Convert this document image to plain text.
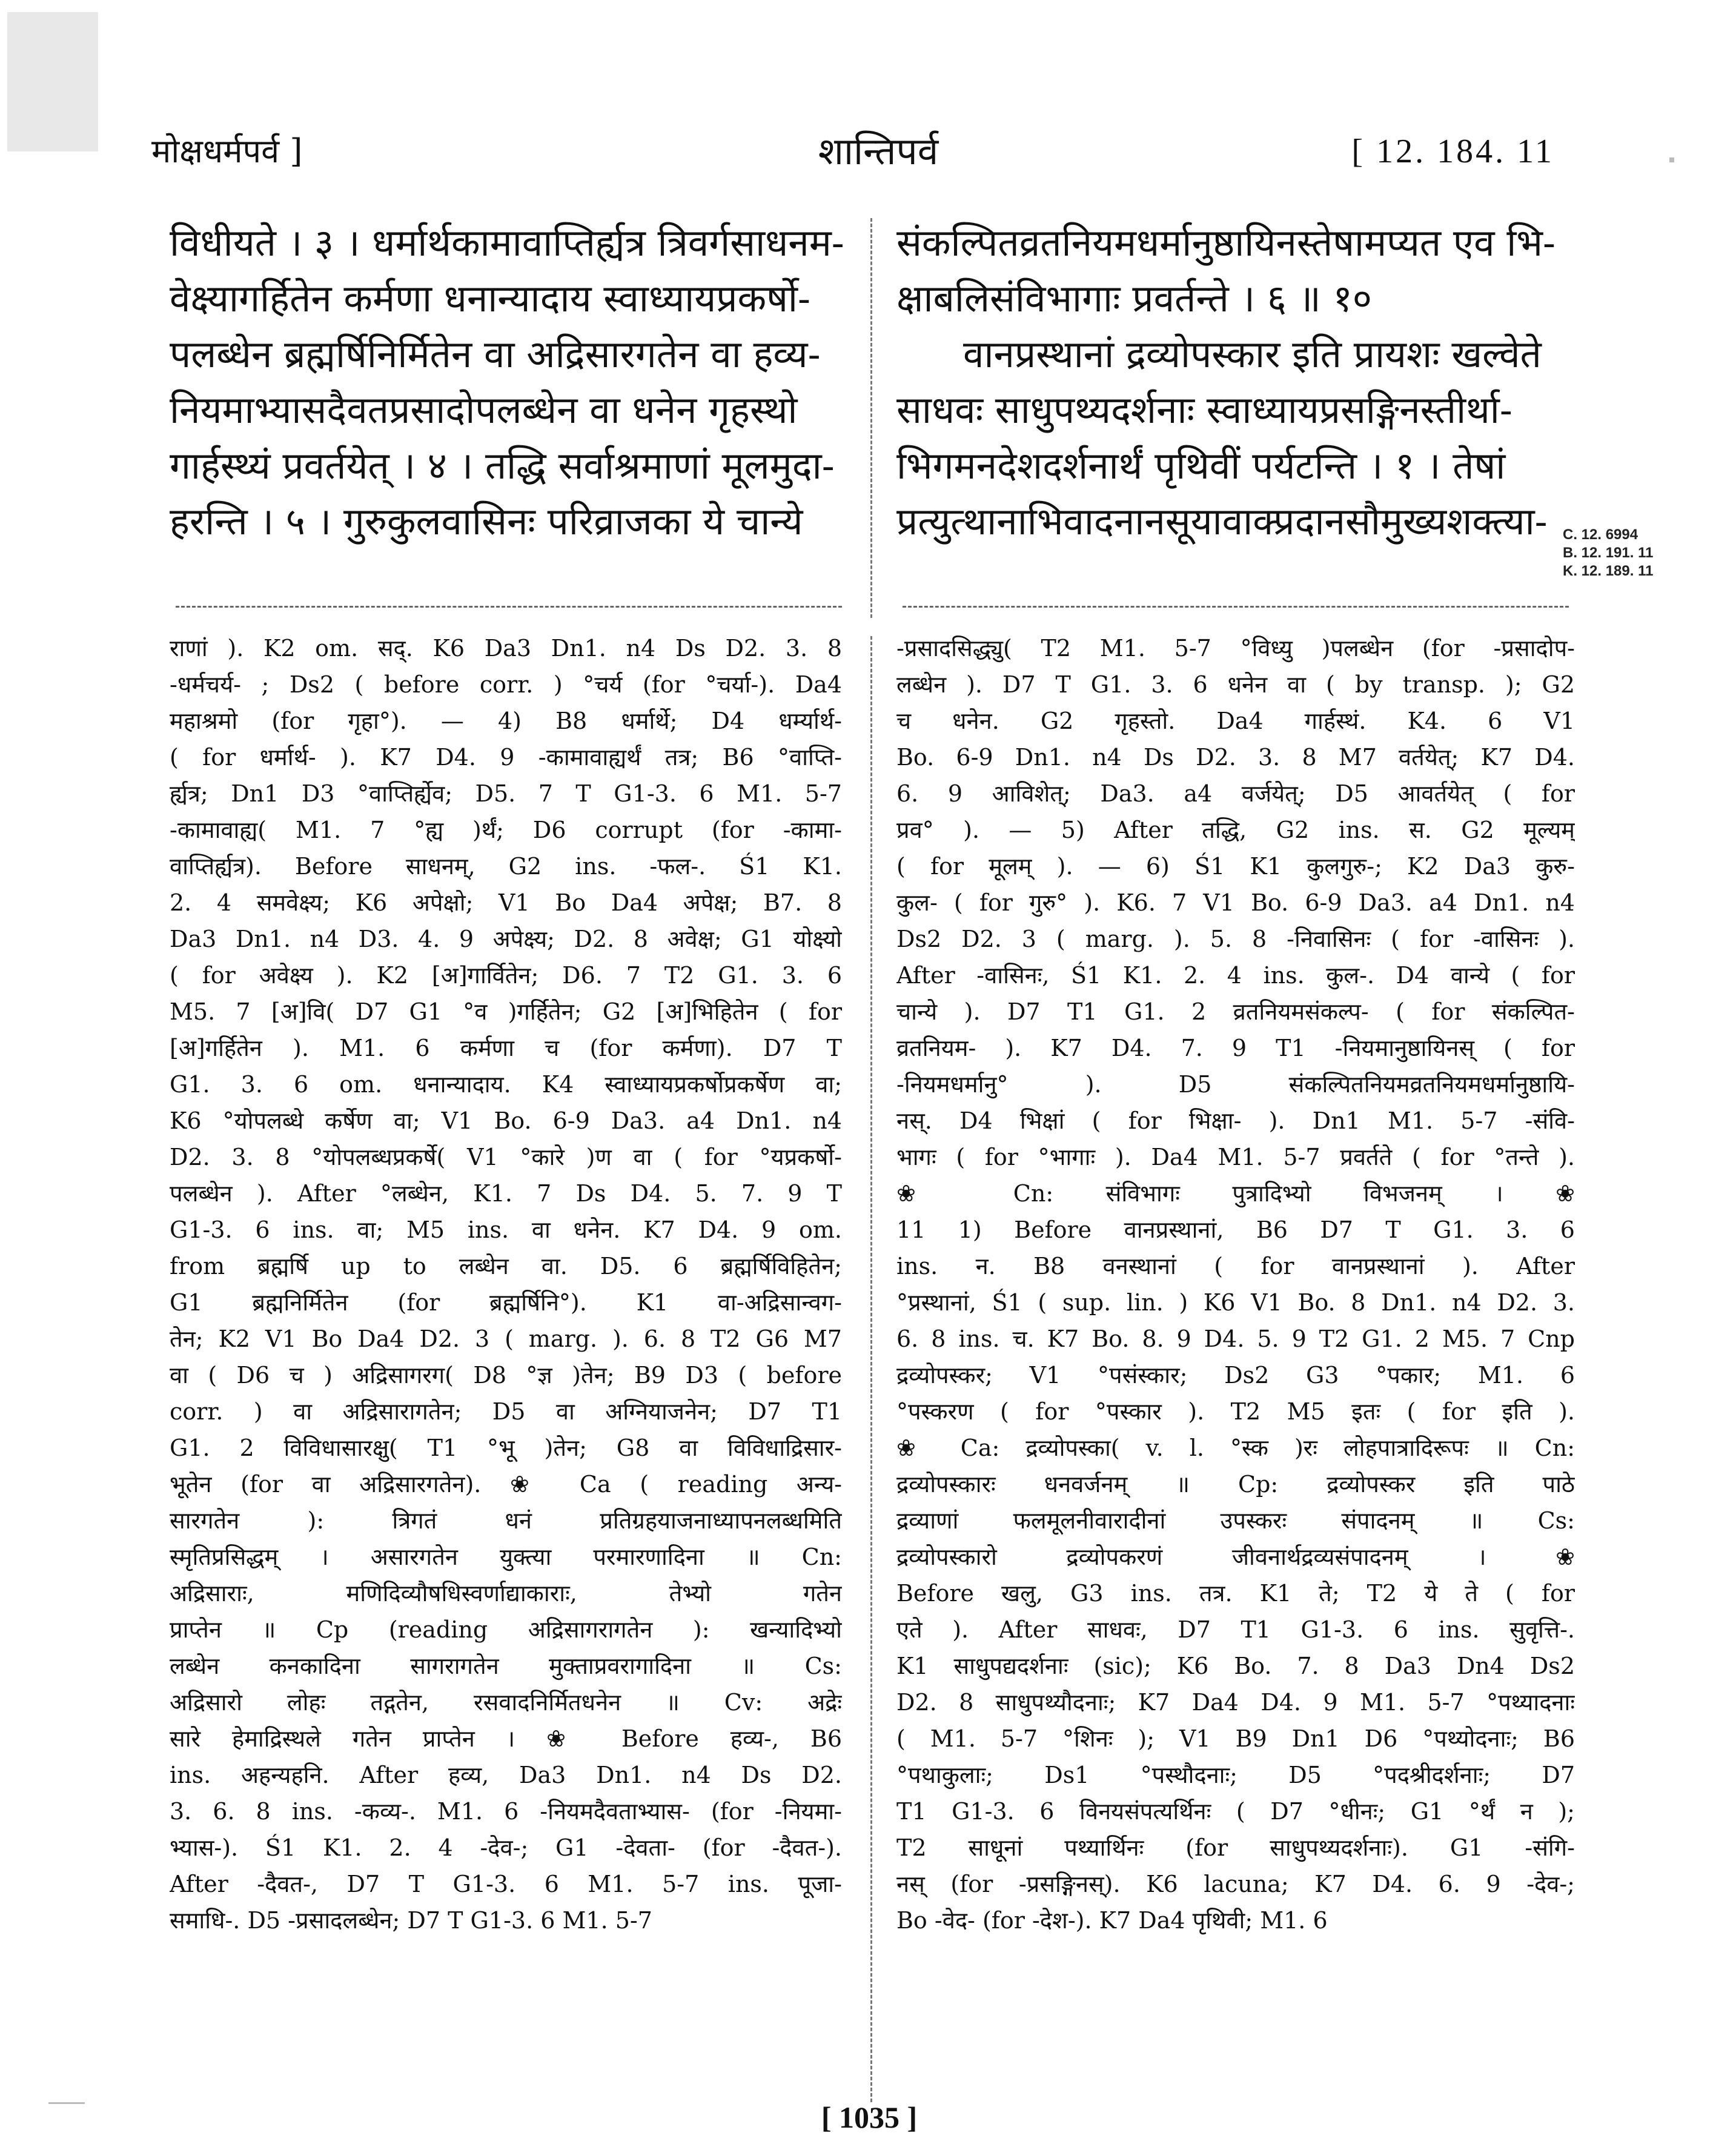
मोक्षधर्मपर्व ]	शान्तिपर्व	[ 12. 184. 11
विधीयते । ३ । धर्मार्थकामावाप्तिर्ह्यत्र त्रिवर्गसाधनम-
वेक्ष्यागर्हितेन कर्मणा धनान्यादाय स्वाध्यायप्रकर्षो-
पलब्धेन ब्रह्मर्षिनिर्मितेन वा अद्रिसारगतेन वा हव्य-
नियमाभ्यासदैवतप्रसादोपलब्धेन वा धनेन गृहस्थो
गार्हस्थ्यं प्रवर्तयेत् । ४ । तद्धि सर्वाश्रमाणां मूलमुदा-
हरन्ति । ५ । गुरुकुलवासिनः परिव्राजका ये चान्ये
संकल्पितव्रतनियमधर्मानुष्ठायिनस्तेषामप्यत एव भि-
क्षाबलिसंविभागाः प्रवर्तन्ते । ६ ॥ १०
वानप्रस्थानां द्रव्योपस्कार इति प्रायशः खल्वेते
साधवः साधुपथ्यदर्शनाः स्वाध्यायप्रसङ्गिनस्तीर्था-
भिगमनदेशदर्शनार्थं पृथिवीं पर्यटन्ति । १ । तेषां
प्रत्युत्थानाभिवादनानसूयावाक्प्रदानसौमुख्यशक्त्या-	C. 12. 6994
B. 12. 191. 11
K. 12. 189. 11
राणां ). K2 om. सद्. K6 Da3 Dn1. n4 Ds D2. 3. 8
-धर्मचर्य- ; Ds2 ( before corr. ) °चर्य (for °चर्या-). Da4
महाश्रमो (for गृहा°). — 4) B8 धर्मार्थे; D4 धर्म्यार्थ-
( for धर्मार्थ- ). K7 D4. 9 -कामावाह्यर्थं तत्र; B6 °वाप्ति-
र्ह्यत्र; Dn1 D3 °वाप्तिर्ह्येव; D5. 7 T G1-3. 6 M1. 5-7
-कामावाह्य( M1. 7 °ह्य )र्थं; D6 corrupt (for -कामा-
वाप्तिर्ह्यत्र). Before साधनम्, G2 ins. -फल-. Ś1 K1.
2. 4 समवेक्ष्य; K6 अपेक्षो; V1 Bo Da4 अपेक्ष; B7. 8
Da3 Dn1. n4 D3. 4. 9 अपेक्ष्य; D2. 8 अवेक्ष; G1 योक्ष्यो
( for अवेक्ष्य ). K2 [अ]गार्वितेन; D6. 7 T2 G1. 3. 6
M5. 7 [अ]वि( D7 G1 °व )गर्हितेन; G2 [अ]भिहितेन ( for
[अ]गर्हितेन ). M1. 6 कर्मणा च (for कर्मणा). D7 T
G1. 3. 6 om. धनान्यादाय. K4 स्वाध्यायप्रकर्षोप्रकर्षेण वा;
K6 °योपलब्धे कर्षेण वा; V1 Bo. 6-9 Da3. a4 Dn1. n4
D2. 3. 8 °योपलब्धप्रकर्षे( V1 °कारे )ण वा ( for °यप्रकर्षो-
पलब्धेन ). After °लब्धेन, K1. 7 Ds D4. 5. 7. 9 T
G1-3. 6 ins. वा; M5 ins. वा धनेन. K7 D4. 9 om.
from ब्रह्मर्षि up to लब्धेन वा. D5. 6 ब्रह्मर्षिविहितेन;
G1 ब्रह्मनिर्मितेन (for ब्रह्मर्षिनि°). K1 वा-अद्रिसान्वग-
तेन; K2 V1 Bo Da4 D2. 3 ( marg. ). 6. 8 T2 G6 M7
वा ( D6 च ) अद्रिसागरग( D8 °ज्ञ )तेन; B9 D3 ( before
corr. ) वा अद्रिसारागतेन; D5 वा अग्नियाजनेन; D7 T1
G1. 2 विविधासारक्षु( T1 °भू )तेन; G8 वा विविधाद्रिसार-
भूतेन (for वा अद्रिसारगतेन). ❀ Ca ( reading अन्य-
सारगतेन ): त्रिगतं धनं प्रतिग्रहयाजनाध्यापनलब्धमिति
स्मृतिप्रसिद्धम् । असारगतेन युक्त्या परमारणादिना ॥ Cn:
अद्रिसाराः, मणिदिव्यौषधिस्वर्णाद्याकाराः, तेभ्यो गतेन
प्राप्तेन ॥ Cp (reading अद्रिसागरागतेन ): खन्यादिभ्यो
लब्धेन कनकादिना सागरागतेन मुक्ताप्रवरागादिना ॥ Cs:
अद्रिसारो लोहः तद्गतेन, रसवादनिर्मितधनेन ॥ Cv: अद्रेः
सारे हेमाद्रिस्थले गतेन प्राप्तेन । ❀ Before हव्य-, B6
ins. अहन्यहनि. After हव्य, Da3 Dn1. n4 Ds D2.
3. 6. 8 ins. -कव्य-. M1. 6 -नियमदैवताभ्यास- (for -नियमा-
भ्यास-). Ś1 K1. 2. 4 -देव-; G1 -देवता- (for -दैवत-).
After -दैवत-, D7 T G1-3. 6 M1. 5-7 ins. पूजा-
समाधि-. D5 -प्रसादलब्धेन; D7 T G1-3. 6 M1. 5-7
-प्रसादसिद्ध्यु( T2 M1. 5-7 °विध्यु )पलब्धेन (for -प्रसादोप-
लब्धेन ). D7 T G1. 3. 6 धनेन वा ( by transp. ); G2
च धनेन. G2 गृहस्तो. Da4 गार्हस्थं. K4. 6 V1
Bo. 6-9 Dn1. n4 Ds D2. 3. 8 M7 वर्तयेत्; K7 D4.
6. 9 आविशेत्; Da3. a4 वर्जयेत्; D5 आवर्तयेत् ( for
प्रव° ). — 5) After तद्धि, G2 ins. स. G2 मूल्यम्
( for मूलम् ). — 6) Ś1 K1 कुलगुरु-; K2 Da3 कुरु-
कुल- ( for गुरु° ). K6. 7 V1 Bo. 6-9 Da3. a4 Dn1. n4
Ds2 D2. 3 ( marg. ). 5. 8 -निवासिनः ( for -वासिनः ).
After -वासिनः, Ś1 K1. 2. 4 ins. कुल-. D4 वान्ये ( for
चान्ये ). D7 T1 G1. 2 व्रतनियमसंकल्प- ( for संकल्पित-
व्रतनियम- ). K7 D4. 7. 9 T1 -नियमानुष्ठायिनस् ( for
-नियमधर्मानु° ). D5 संकल्पितनियमव्रतनियमधर्मानुष्ठायि-
नस्. D4 भिक्षां ( for भिक्षा- ). Dn1 M1. 5-7 -संवि-
भागः ( for °भागाः ). Da4 M1. 5-7 प्रवर्तते ( for °तन्ते ).
❀ Cn: संविभागः पुत्रादिभ्यो विभजनम् । ❀
11 1) Before वानप्रस्थानां, B6 D7 T G1. 3. 6
ins. न. B8 वनस्थानां ( for वानप्रस्थानां ). After
°प्रस्थानां, Ś1 ( sup. lin. ) K6 V1 Bo. 8 Dn1. n4 D2. 3.
6. 8 ins. च. K7 Bo. 8. 9 D4. 5. 9 T2 G1. 2 M5. 7 Cnp
द्रव्योपस्कर; V1 °पसंस्कार; Ds2 G3 °पकार; M1. 6
°पस्करण ( for °पस्कार ). T2 M5 इतः ( for इति ).
❀ Ca: द्रव्योपस्का( v. l. °स्क )रः लोहपात्रादिरूपः ॥ Cn:
द्रव्योपस्कारः धनवर्जनम् ॥ Cp: द्रव्योपस्कर इति पाठे
द्रव्याणां फलमूलनीवारादीनां उपस्करः संपादनम् ॥ Cs:
द्रव्योपस्कारो द्रव्योपकरणं जीवनार्थद्रव्यसंपादनम् । ❀
Before खलु, G3 ins. तत्र. K1 ते; T2 ये ते ( for
एते ). After साधवः, D7 T1 G1-3. 6 ins. सुवृत्ति-.
K1 साधुपद्यदर्शनाः (sic); K6 Bo. 7. 8 Da3 Dn4 Ds2
D2. 8 साधुपथ्यौदनाः; K7 Da4 D4. 9 M1. 5-7 °पथ्यादनाः
( M1. 5-7 °शिनः ); V1 B9 Dn1 D6 °पथ्योदनाः; B6
°पथाकुलाः; Ds1 °पस्थौदनाः; D5 °पदश्रीदर्शनाः; D7
T1 G1-3. 6 विनयसंपत्यर्थिनः ( D7 °धीनः; G1 °र्थं न );
T2 साधूनां पथ्यार्थिनः (for साधुपथ्यदर्शनाः). G1 -संगि-
नस् (for -प्रसङ्गिनस्). K6 lacuna; K7 D4. 6. 9 -देव-;
Bo -वेद- (for -देश-). K7 Da4 पृथिवी; M1. 6
[ 1035 ]
